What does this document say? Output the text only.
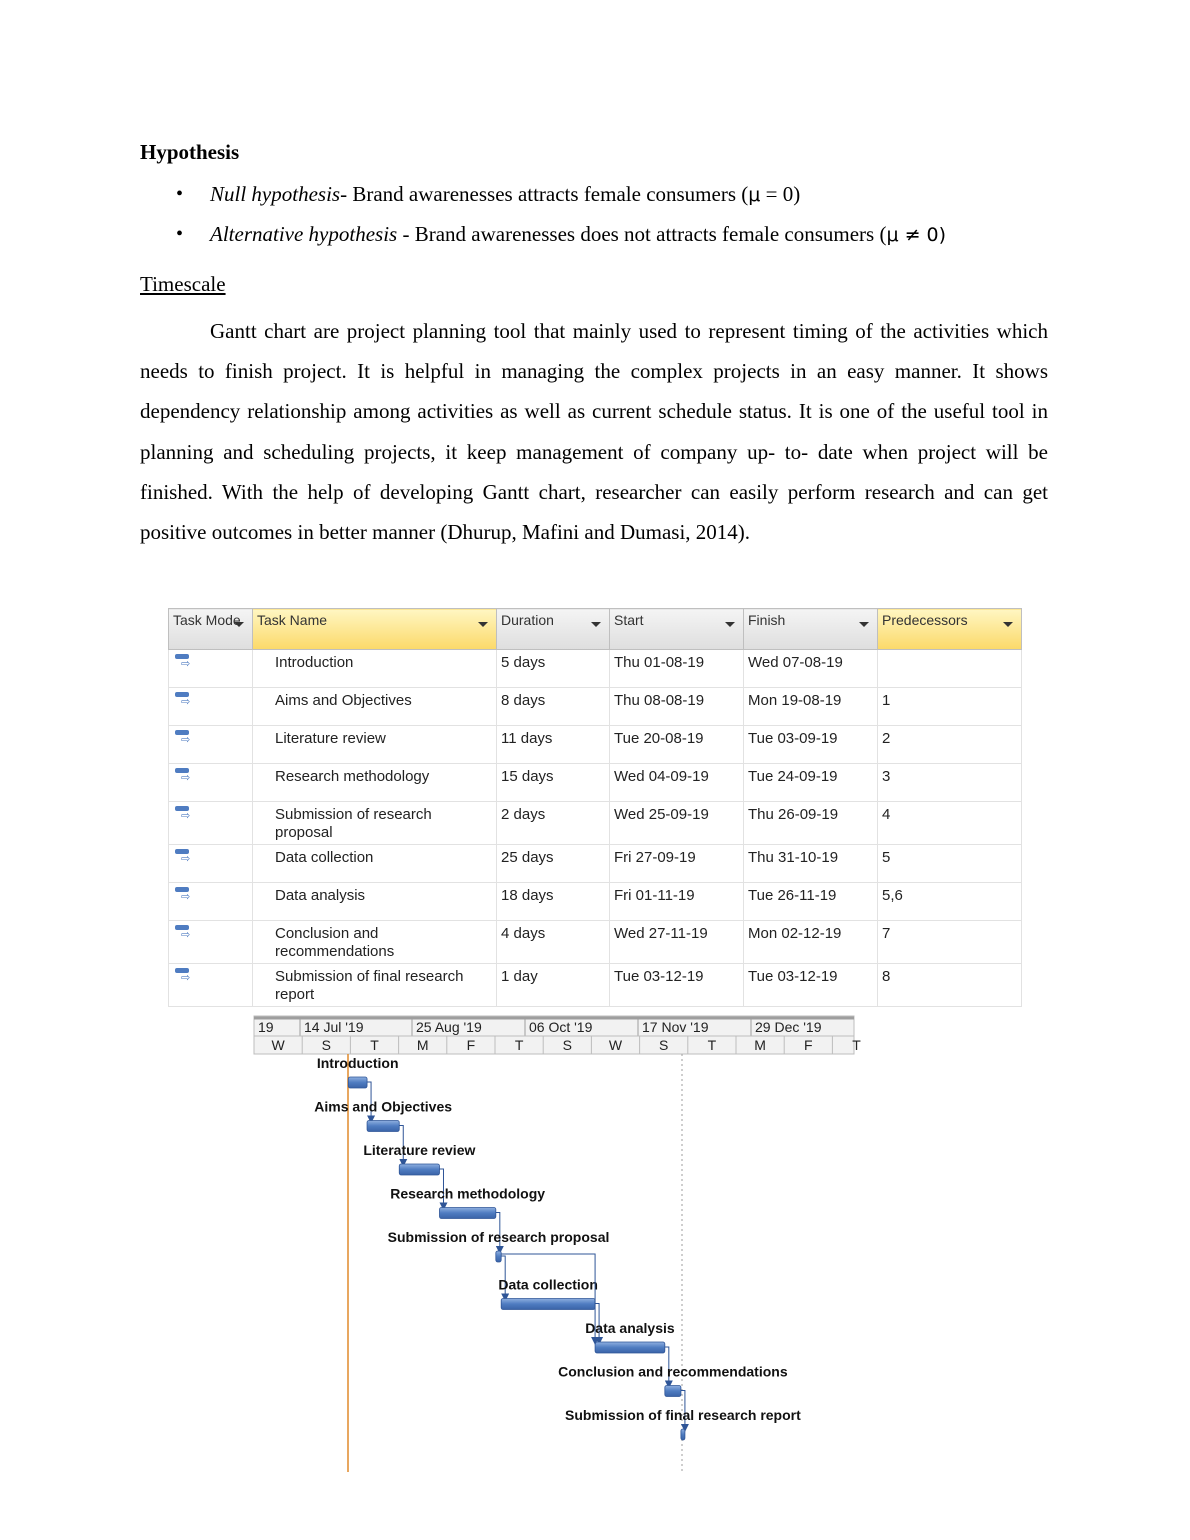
Hypothesis
• Null hypothesis- Brand awarenesses attracts female consumers (μ = 0)
• Alternative hypothesis - Brand awarenesses does not attracts female consumers (μ ≠ 0)
Timescale

Gantt chart are project planning tool that mainly used to represent timing of the activities which needs to finish project. It is helpful in managing the complex projects in an easy manner. It shows dependency relationship among activities as well as current schedule status. It is one of the useful tool in planning and scheduling projects, it keep management of company up- to- date when project will be finished. With the help of developing Gantt chart, researcher can easily perform research and can get positive outcomes in better manner (Dhurup, Mafini and Dumasi, 2014).

Task Mode	Task Name	Duration	Start	Finish	Predecessors

⇨	Introduction	5 days	Thu 01-08-19	Wed 07-08-19	

⇨	Aims and Objectives	8 days	Thu 08-08-19	Mon 19-08-19	1

⇨	Literature review	11 days	Tue 20-08-19	Tue 03-09-19	2

⇨	Research methodology	15 days	Wed 04-09-19	Tue 24-09-19	3

⇨	Submission of research proposal	2 days	Wed 25-09-19	Thu 26-09-19	4

⇨	Data collection	25 days	Fri 27-09-19	Thu 31-10-19	5

⇨	Data analysis	18 days	Fri 01-11-19	Tue 26-11-19	5,6

⇨	Conclusion and recommendations	4 days	Wed 27-11-19	Mon 02-12-19	7

⇨	Submission of final research report	1 day	Tue 03-12-19	Tue 03-12-19	8
19 14 Jul '19	25 Aug '19	06 Oct '19	17 Nov '19	29 Dec '19
W	S	T	M	F	T	S	W	S	T	M	F	T
Introduction
Aims and Objectives
Literature review
Research methodology
Submission of research proposal
Data collection
Data analysis
Conclusion and recommendations
Submission of final research report
